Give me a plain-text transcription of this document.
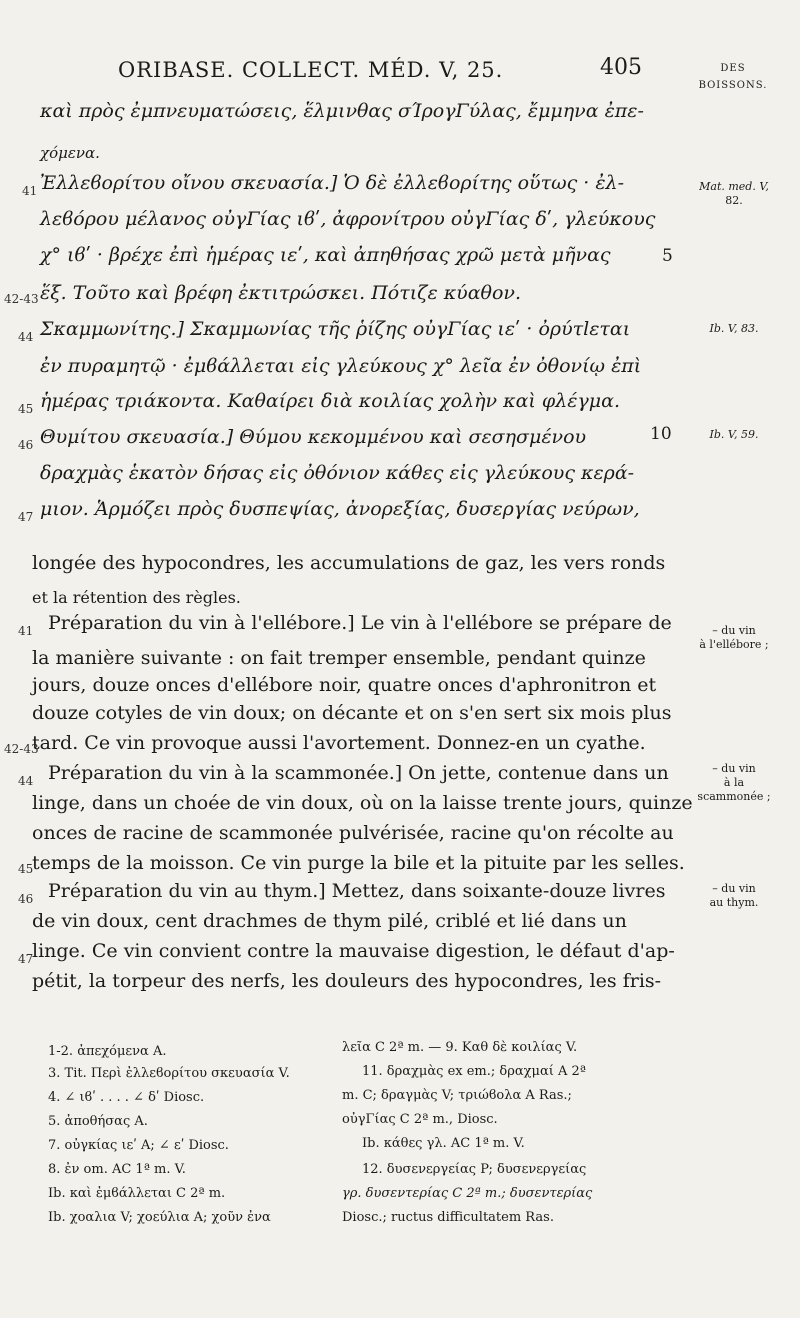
ORIBASE. COLLECT. MÉD. V, 25.	405	DES
BOISSONS.
καὶ πρὸς ἐμπνευματώσεις, ἕλμινθας σΊρογΓύλας, ἔμμηνα ἐπε-
χόμενα.
41 Ἐλλεϐορίτου οἴνου σκευασία.] Ὁ δὲ ἐλλεϐορίτης οὕτως · ἐλ-
λεϐόρου μέλανος οὐγΓίας ιϐʹ, ἀφρονίτρου οὐγΓίας δʹ, γλεύκους
χ° ιϐʹ · βρέχε ἐπὶ ἡμέρας ιεʹ, καὶ ἀπηθήσας χρῶ μετὰ μῆνας
42-43 ἕξ. Τοῦτο καὶ βρέφη ἐκτιτρώσκει. Πότιζε κύαθον.
44 Σκαμμωνίτης.] Σκαμμωνίας τῆς ῥίζης οὐγΓίας ιεʹ · ὀρύτlεται
ἐν πυραμητῷ · ἐμϐάλλεται εἰς γλεύκους χ° λεῖα ἐν ὀθονίῳ ἐπὶ
45 ἡμέρας τριάκοντα. Καθαίρει διὰ κοιλίας χολὴν καὶ φλέγμα.
46 Θυμίτου σκευασία.] Θύμου κεκομμένου καὶ σεσησμένου
δραχμὰς ἑκατὸν δήσας εἰς ὀθόνιον κάθες εἰς γλεύκους κερά-
47 μιον. Ἁρμόζει πρὸς δυσπεψίας, ἀνορεξίας, δυσεργίας νεύρων,
5
10
Mat. med. V,
82.
Ib. V, 83.
Ib. V, 59.
longée des hypocondres, les accumulations de gaz, les vers ronds
et la rétention des règles.
41 Préparation du vin à l'ellébore.] Le vin à l'ellébore se prépare de
la manière suivante : on fait tremper ensemble, pendant quinze
jours, douze onces d'ellébore noir, quatre onces d'aphronitron et
douze cotyles de vin doux; on décante et on s'en sert six mois plus
42-43
tard. Ce vin provoque aussi l'avortement. Donnez-en un cyathe.
44 Préparation du vin à la scammonée.] On jette, contenue dans un
linge, dans un choée de vin doux, où on la laisse trente jours, quinze
onces de racine de scammonée pulvérisée, racine qu'on récolte au
45
temps de la moisson. Ce vin purge la bile et la pituite par les selles.
46 Préparation du vin au thym.] Mettez, dans soixante-douze livres
de vin doux, cent drachmes de thym pilé, criblé et lié dans un
47
linge. Ce vin convient contre la mauvaise digestion, le défaut d'ap-
pétit, la torpeur des nerfs, les douleurs des hypocondres, les fris-
– du vin
à l'ellébore ;
– du vin
à la
scammonée ;
– du vin
au thym.
1-2. ἀπεχόμενα A.
3. Tit. Περὶ ἐλλεϐορίτου σκευασία V.
4. ∠ ιϐʹ . . . . ∠ δʹ Diosc.
5. ἀποθήσας A.
7. οὐγκίας ιεʹ A; ∠ εʹ Diosc.
8. ἐν om. AC 1ª m. V.
Ib. καὶ ἐμϐάλλεται C 2ª m.
Ib. χοαλια V; χοεύλια A; χοῦν ἐνα
λεῖα C 2ª m. — 9. Καθ δὲ κοιλίας V.
11. δραχμὰς ex em.; δραχμαί A 2ª
m. C; δραγμὰς V; τριώϐολα A Ras.;
οὐγΓίας C 2ª m., Diosc.
Ib. κάθες γλ. AC 1ª m. V.
12. δυσενεργείας P; δυσενεργείας
γρ. δυσεντερίας C 2ª m.; δυσεντερίας
Diosc.; ructus difficultatem Ras.
